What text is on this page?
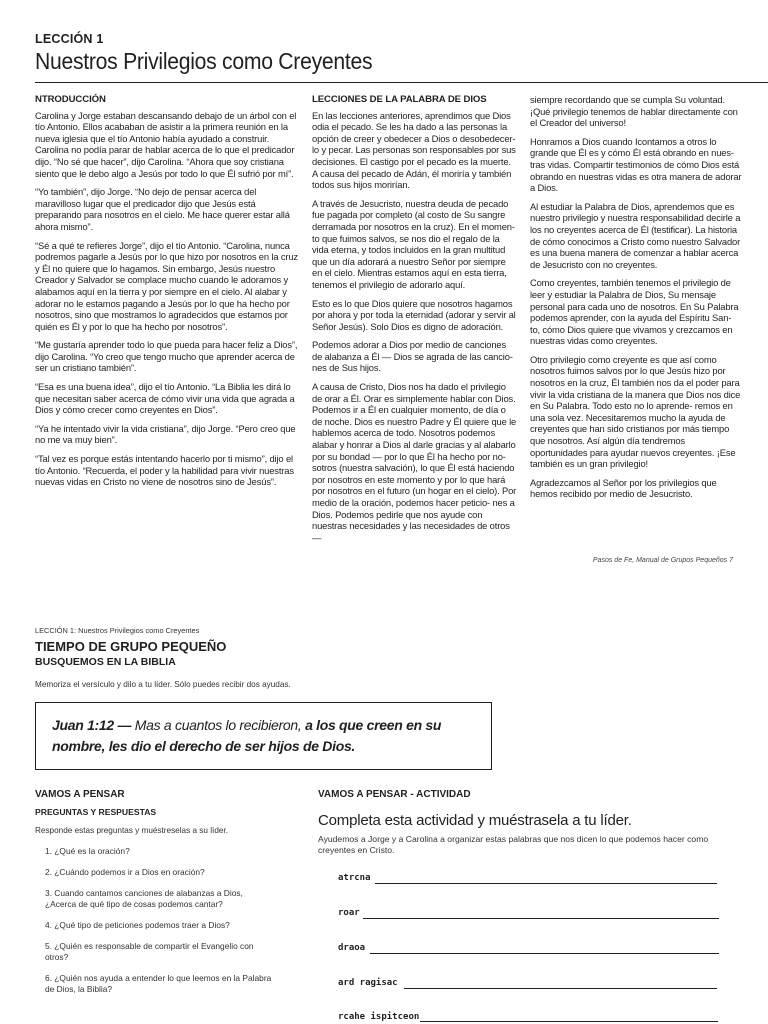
LECCIÓN 1
Nuestros Privilegios como Creyentes
NTRODUCCIÓN

Carolina y Jorge estaban descansando debajo de un árbol con el tío Antonio. Ellos acababan de asistir a la primera reunión en la nueva iglesia que el tío Antonio había ayudado a construir. Carolina no podía parar de hablar acerca de lo que el predicador dijo. “No sé que hacer”, dijo Carolina. “Ahora que soy cristiana siento que le debo algo a Jesús por todo lo que Él sufrió por mí”.

“Yo también”, dijo Jorge. “No dejo de pensar acerca del maravilloso lugar que el predicador dijo que Jesús está preparando para nosotros en el cielo. Me hace querer estar allá ahora mismo”.

“Sé a qué te refieres Jorge”, dijo el tío Antonio. “Carolina, nunca podremos pagarle a Jesús por lo que hizo por nosotros en la cruz y Él no quiere que lo hagamos. Sin embargo, Jesús nuestro Creador y Salvador se complace mucho cuando le adoramos y alabamos aquí en la tierra y por siempre en el cielo. Al alabar y adorar no le estamos pagando a Jesús por lo que ha hecho por nosotros, sino que mostramos lo agradecidos que estamos por quién es Él y por lo que ha hecho por nosotros”.

“Me gustaría aprender todo lo que pueda para hacer feliz a Dios”, dijo Carolina. “Yo creo que tengo mucho que aprender acerca de ser un cristiano también”.

“Esa es una buena idea”, dijo el tío Antonio. “La Biblia les dirá lo que necesitan saber acerca de cómo vivir una vida que agrada a Dios y cómo crecer como creyentes en Dios”.

“Ya he intentado vivir la vida cristiana”, dijo Jorge. “Pero creo que no me va muy bien”.

“Tal vez es porque estás intentando hacerlo por ti mismo”, dijo el tío Antonio. “Recuerda, el poder y la habilidad para vivir nuestras nuevas vidas en Cristo no viene de nosotros sino de Jesús”.

LECCIONES DE LA PALABRA DE DIOS

En las lecciones anteriores, aprendimos que Dios odia el pecado. Se les ha dado a las personas la opción de creer y obedecer a Dios o desobedecer- lo y pecar. Las personas son responsables por sus decisiones. El castigo por el pecado es la muerte. A causa del pecado de Adán, él moriría y también todos sus hijos morirían.

A través de Jesucristo, nuestra deuda de pecado fue pagada por completo (al costo de Su sangre derramada por nosotros en la cruz). En el momen- to que fuimos salvos, se nos dio el regalo de la vida eterna, y todos incluidos en la gran multitud que un día adorará a nuestro Señor por siempre en el cielo. Mientras estamos aquí en esta tierra, tenemos el privilegio de adorarlo aquí.

Esto es lo que Dios quiere que nosotros hagamos por ahora y por toda la eternidad (adorar y servir al Señor Jesús). Solo Dios es digno de adoración.

Podemos adorar a Dios por medio de canciones de alabanza a Él — Dios se agrada de las cancio- nes de Sus hijos.

A causa de Cristo, Dios nos ha dado el privilegio de orar a Él. Orar es simplemente hablar con Dios. Podemos ir a Él en cualquier momento, de día o de noche. Dios es nuestro Padre y Él quiere que le hablemos acerca de todo. Nosotros podemos alabar y honrar a Dios al darle gracias y al alabarlo por su bondad — por lo que Él ha hecho por no- sotros (nuestra salvación), lo que Él está haciendo por nosotros en este momento y por lo que hará por nosotros en el futuro (un hogar en el cielo). Por medio de la oración, podemos hacer peticio- nes a Dios. Podemos pedirle que nos ayude con nuestras necesidades y las necesidades de otros —

siempre recordando que se cumpla Su voluntad. ¡Qué privilegio tenemos de hablar directamente con el Creador del universo!

Honramos a Dios cuando Icontamos a otros lo grande que Él es y cómo Él está obrando en nues- tras vidas. Compartir testimonios de cómo Dios está obrando en nuestras vidas es otra manera de adorar a Dios.

Al estudiar la Palabra de Dios, aprendemos que es nuestro privilegio y nuestra responsabilidad decirle a los no creyentes acerca de Él (testificar). La historia de cómo conocimos a Cristo como nuestro Salvador es una buena manera de comenzar a hablar acerca de Jesucristo con no creyentes.

Como creyentes, también tenemos el privilegio de leer y estudiar la Palabra de Dios, Su mensaje personal para cada uno de nosotros. En Su Palabra podemos aprender, con la ayuda del Espíritu San- to, cómo Dios quiere que vivamos y crezcamos en nuestras vidas como creyentes.

Otro privilegio como creyente es que así como nosotros fuimos salvos por lo que Jesús hizo por nosotros en la cruz, Él también nos da el poder para vivir la vida cristiana de la manera que Dios nos dice en Su Palabra. Todo esto no lo aprende- remos en una sola vez. Necesitaremos mucho la ayuda de creyentes que han sido cristianos por más tiempo que nosotros. Así algún día tendremos oportunidades para ayudar nuevos creyentes. ¡Ese también es un gran privilegio!

Agradezcamos al Señor por los privilegios que hemos recibido por medio de Jesucristo.

Pasos de Fe, Manual de Grupos Pequeños 7
LECCIÓN 1: Nuestros Privilegios como Creyentes
TIEMPO DE GRUPO PEQUEÑO
BUSQUEMOS EN LA BIBLIA
Memoriza el versículo y dilo a tu líder. Sólo puedes recibir dos ayudas.
Juan 1:12 — Mas a cuantos lo recibieron, a los que creen en su nombre, les dio el derecho de ser hijos de Dios.
VAMOS A PENSAR
PREGUNTAS Y RESPUESTAS
Responde estas preguntas y muéstreselas a su líder.
1. ¿Qué es la oración?
2. ¿Cuándo podemos ir a Dios en oración?
3. Cuando cantamos canciones de alabanzas a Dios, ¿Acerca de qué tipo de cosas podemos cantar?
4. ¿Qué tipo de peticiones podemos traer a Dios?
5. ¿Quién es responsable de compartir el Evangelio con otros?
6. ¿Quién nos ayuda a entender lo que leemos en la Palabra de Dios, la Biblia?
VAMOS A PENSAR - ACTIVIDAD
Completa esta actividad y muéstrasela a tu líder.
Ayudemos a Jorge y a Carolina a organizar estas palabras que nos dicen lo que podemos hacer como creyentes en Cristo.
atrcna
roar
draoa
ard ragisac
rcahe ispitceon
